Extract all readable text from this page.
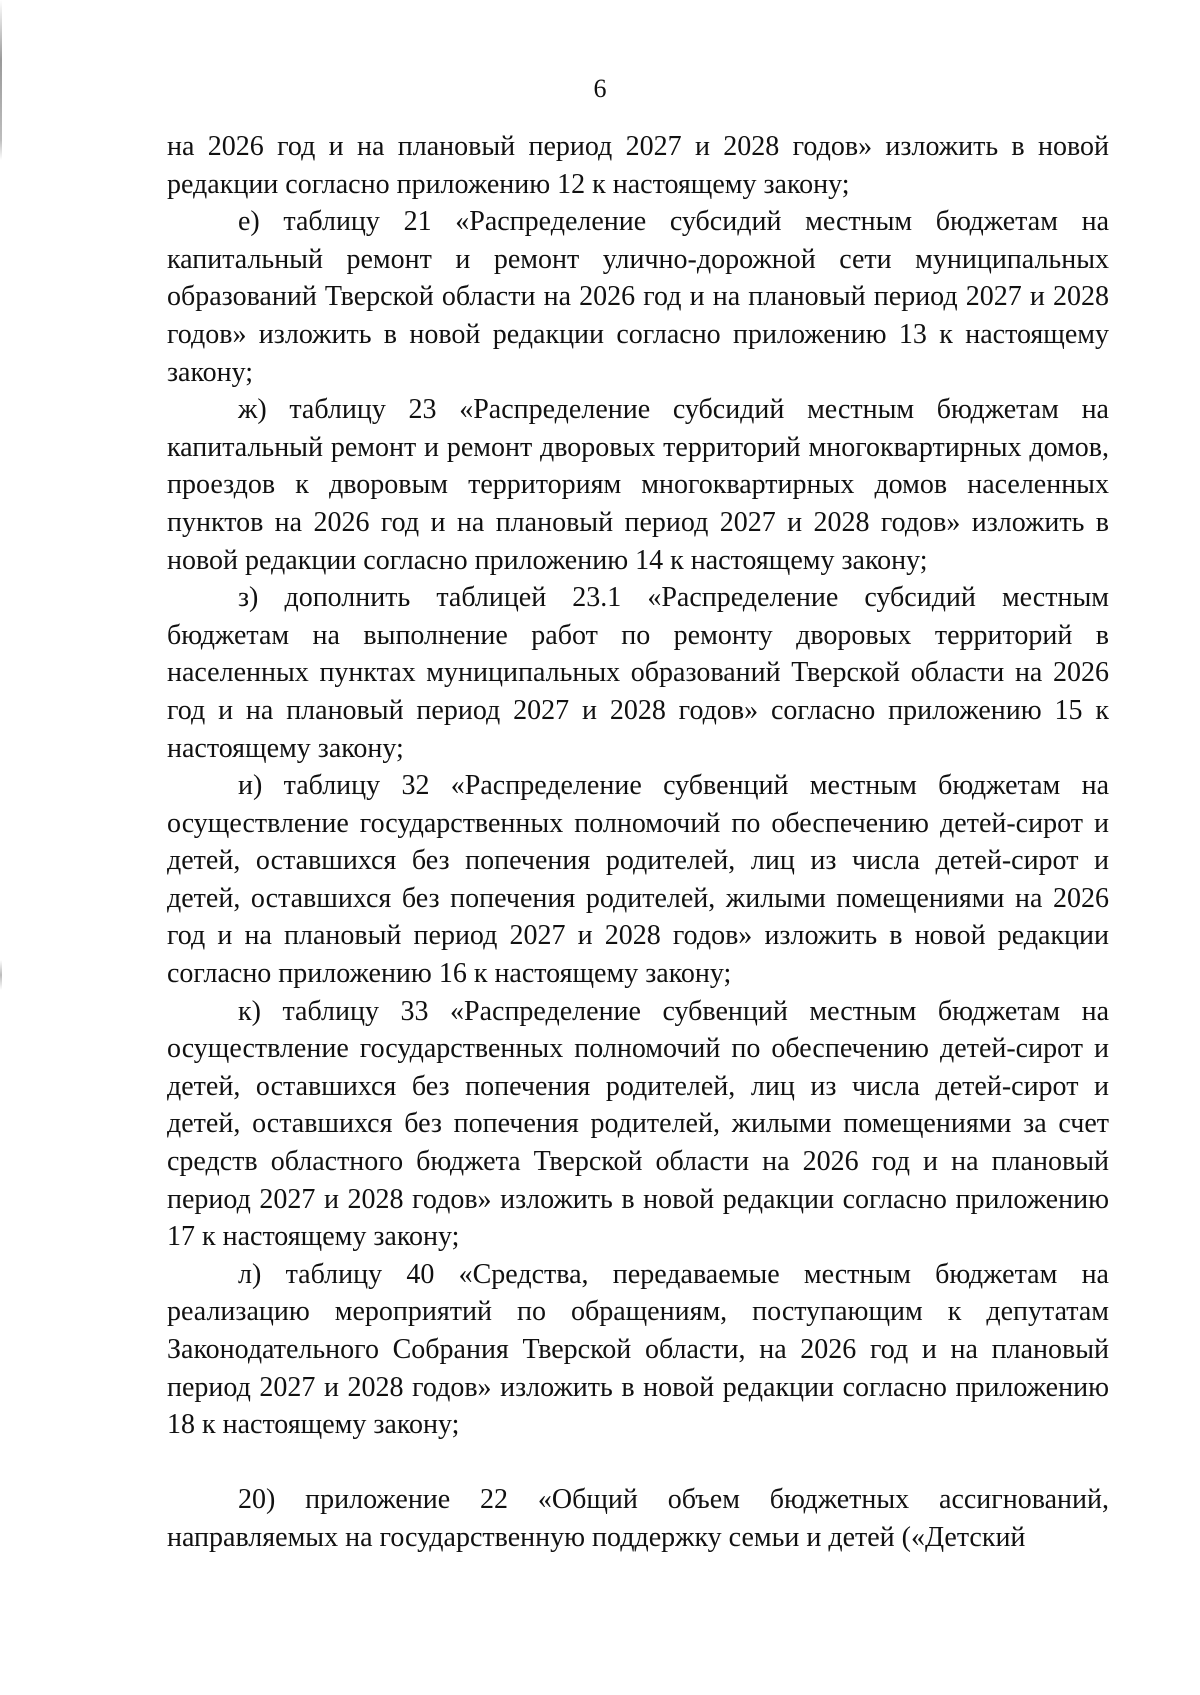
6

на 2026 год и на плановый период 2027 и 2028 годов» изложить в новой редакции согласно приложению 12 к настоящему закону;

е) таблицу 21 «Распределение субсидий местным бюджетам на капитальный ремонт и ремонт улично-дорожной сети муниципальных образований Тверской области на 2026 год и на плановый период 2027 и 2028 годов» изложить в новой редакции согласно приложению 13 к настоящему закону;

ж) таблицу 23 «Распределение субсидий местным бюджетам на капитальный ремонт и ремонт дворовых территорий многоквартирных домов, проездов к дворовым территориям многоквартирных домов населенных пунктов на 2026 год и на плановый период 2027 и 2028 годов» изложить в новой редакции согласно приложению 14 к настоящему закону;

з) дополнить таблицей 23.1 «Распределение субсидий местным бюджетам на выполнение работ по ремонту дворовых территорий в населенных пунктах муниципальных образований Тверской области на 2026 год и на плановый период 2027 и 2028 годов» согласно приложению 15 к настоящему закону;

и) таблицу 32 «Распределение субвенций местным бюджетам на осуществление государственных полномочий по обеспечению детей-сирот и детей, оставшихся без попечения родителей, лиц из числа детей-сирот и детей, оставшихся без попечения родителей, жилыми помещениями на 2026 год и на плановый период 2027 и 2028 годов» изложить в новой редакции согласно приложению 16 к настоящему закону;

к) таблицу 33 «Распределение субвенций местным бюджетам на осуществление государственных полномочий по обеспечению детей-сирот и детей, оставшихся без попечения родителей, лиц из числа детей-сирот и детей, оставшихся без попечения родителей, жилыми помещениями за счет средств областного бюджета Тверской области на 2026 год и на плановый период 2027 и 2028 годов» изложить в новой редакции согласно приложению 17 к настоящему закону;

л) таблицу 40 «Средства, передаваемые местным бюджетам на реализацию мероприятий по обращениям, поступающим к депутатам Законодательного Собрания Тверской области, на 2026 год и на плановый период 2027 и 2028 годов» изложить в новой редакции согласно приложению 18 к настоящему закону;

20) приложение 22 «Общий объем бюджетных ассигнований, направляемых на государственную поддержку семьи и детей («Детский
